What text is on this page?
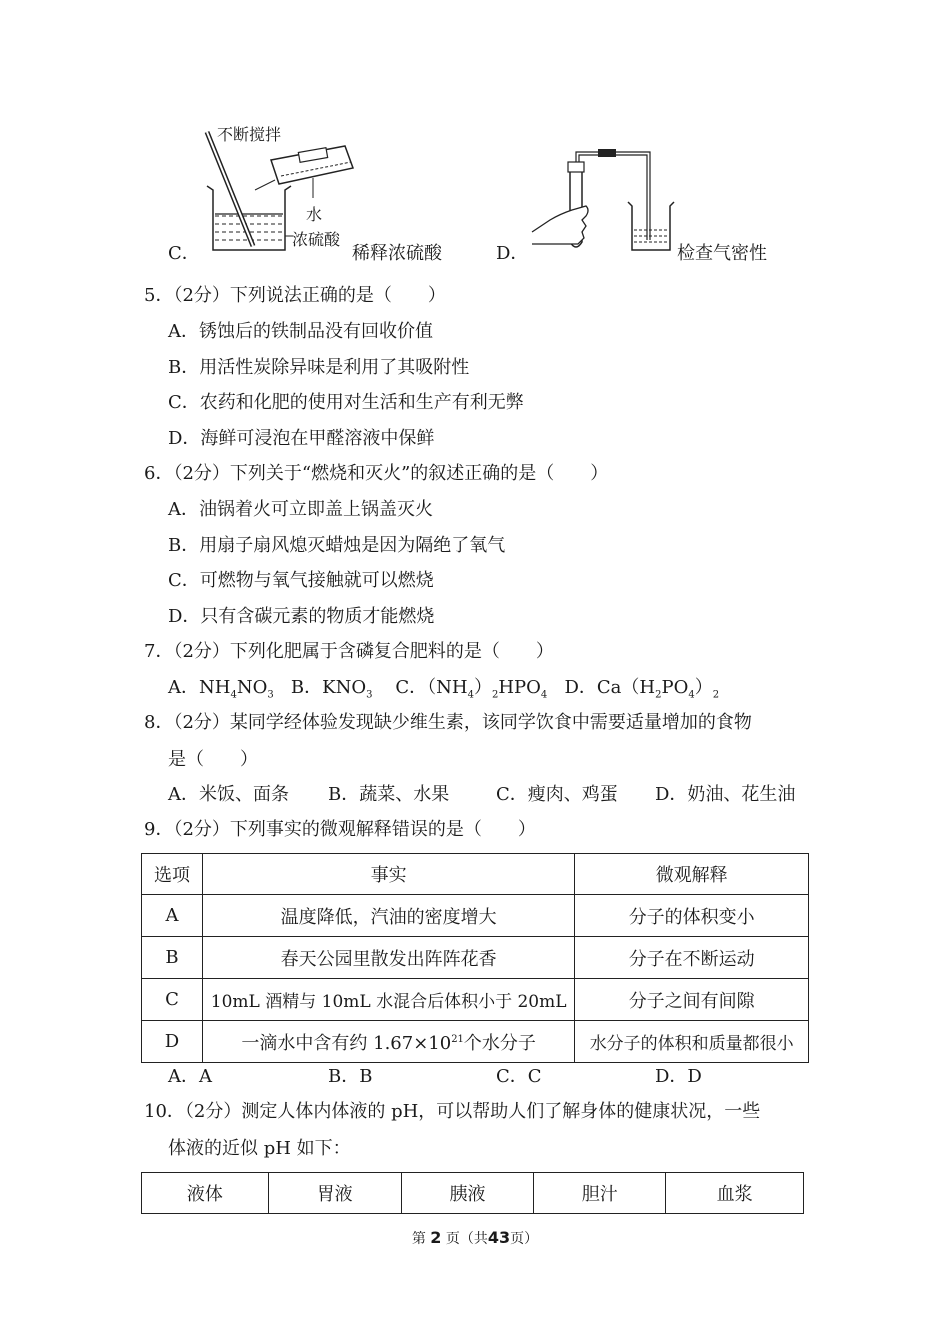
C．
不断搅拌
水
浓硫酸
稀释浓硫酸	D．	检查气密性
5．（2分）下列说法正确的是（　　）
A．锈蚀后的铁制品没有回收价值
B．用活性炭除异味是利用了其吸附性
C．农药和化肥的使用对生活和生产有利无弊
D．海鲜可浸泡在甲醛溶液中保鲜
6．（2分）下列关于“燃烧和灭火”的叙述正确的是（　　）
A．油锅着火可立即盖上锅盖灭火
B．用扇子扇风熄灭蜡烛是因为隔绝了氧气
C．可燃物与氧气接触就可以燃烧
D．只有含碳元素的物质才能燃烧
7．（2分）下列化肥属于含磷复合肥料的是（　　）
A．$NH_4NO_3$ B．$KNO_3$ C．$(NH_4)_2HPO_4$ D．$Ca(H_2PO_4)_2$
8．（2分）某同学经体验发现缺少维生素，该同学饮食中需要适量增加的食物
是（　　）
A．米饭、面条 B．蔬菜、水果	C．瘦肉、鸡蛋 D．奶油、花生油
9．（2分）下列事实的微观解释错误的是（　　）
选项	事实	微观解释
A	温度降低，汽油的密度增大	分子的体积变小
B	春天公园里散发出阵阵花香	分子在不断运动
C	10mL 酒精与 10mL 水混合后体积小于 20mL	分子之间有间隙
D	一滴水中含有约 $1.67\times 10^{21}$个水分子	水分子的体积和质量都很小
A．A	B．B	C．C	D．D
10．（2分）测定人体内体液的 pH，可以帮助人们了解身体的健康状况，一些
体液的近似 pH 如下：
液体	胃液	胰液	胆汁	血浆
第 2 页（共43页）
